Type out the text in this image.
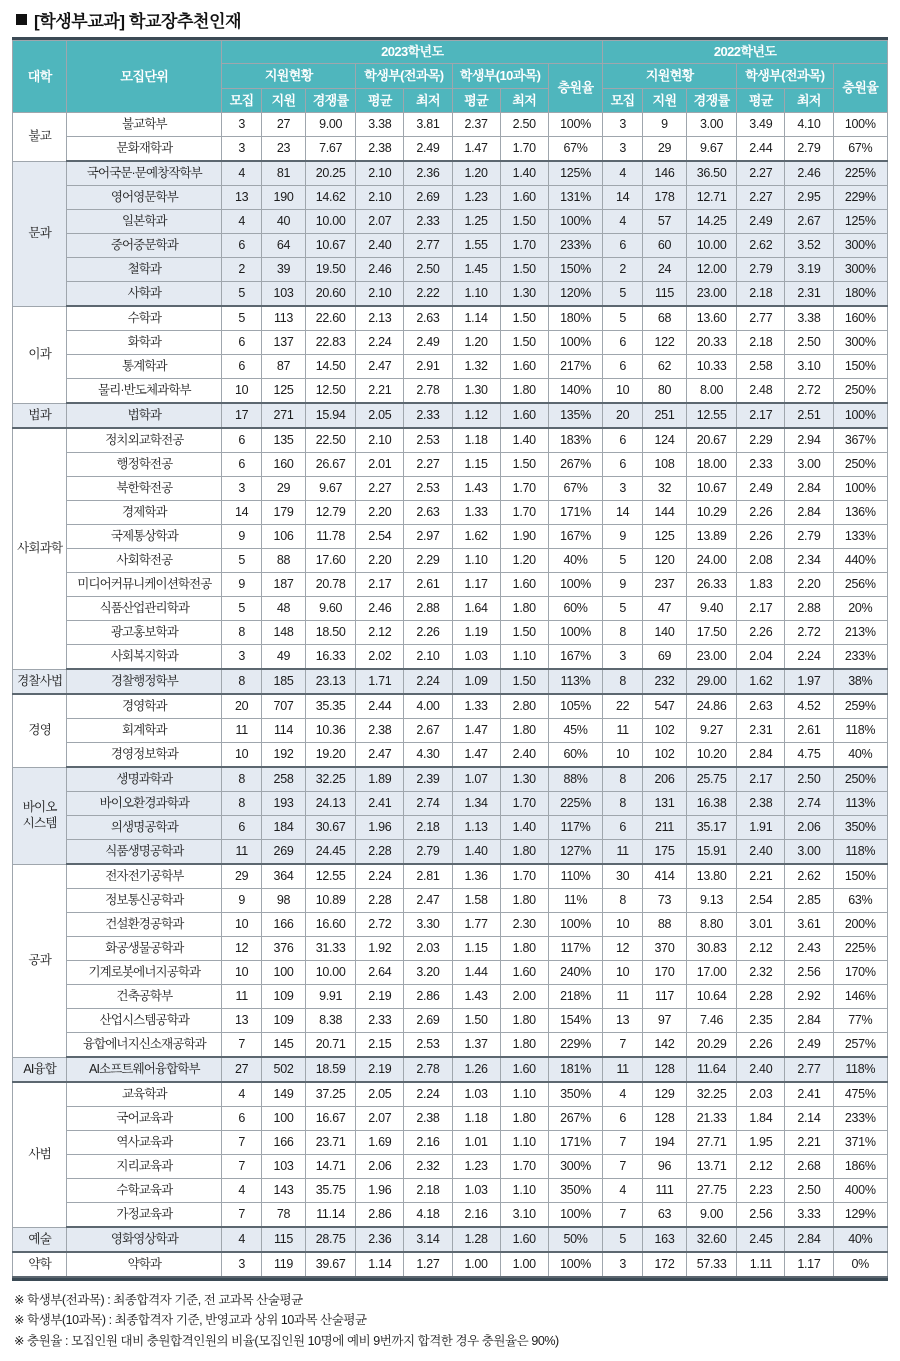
[학생부교과] 학교장추천인재
대학	모집단위	2023학년도								2022학년도					
		지원현황			학생부(전과목)		학생부(10과목)		충원율	지원현황			학생부(전과목)		충원율
		모집	지원	경쟁률	평균	최저	평균	최저		모집	지원	경쟁률	평균	최저	
불교	불교학부	3	27	9.00	3.38	3.81	2.37	2.50	100%	3	9	3.00	3.49	4.10	100%
	문화재학과	3	23	7.67	2.38	2.49	1.47	1.70	67%	3	29	9.67	2.44	2.79	67%
문과	국어국문·문예창작학부	4	81	20.25	2.10	2.36	1.20	1.40	125%	4	146	36.50	2.27	2.46	225%
	영어영문학부	13	190	14.62	2.10	2.69	1.23	1.60	131%	14	178	12.71	2.27	2.95	229%
	일본학과	4	40	10.00	2.07	2.33	1.25	1.50	100%	4	57	14.25	2.49	2.67	125%
	중어중문학과	6	64	10.67	2.40	2.77	1.55	1.70	233%	6	60	10.00	2.62	3.52	300%
	철학과	2	39	19.50	2.46	2.50	1.45	1.50	150%	2	24	12.00	2.79	3.19	300%
	사학과	5	103	20.60	2.10	2.22	1.10	1.30	120%	5	115	23.00	2.18	2.31	180%
이과	수학과	5	113	22.60	2.13	2.63	1.14	1.50	180%	5	68	13.60	2.77	3.38	160%
	화학과	6	137	22.83	2.24	2.49	1.20	1.50	100%	6	122	20.33	2.18	2.50	300%
	통계학과	6	87	14.50	2.47	2.91	1.32	1.60	217%	6	62	10.33	2.58	3.10	150%
	물리·반도체과학부	10	125	12.50	2.21	2.78	1.30	1.80	140%	10	80	8.00	2.48	2.72	250%
법과	법학과	17	271	15.94	2.05	2.33	1.12	1.60	135%	20	251	12.55	2.17	2.51	100%
사회과학	정치외교학전공	6	135	22.50	2.10	2.53	1.18	1.40	183%	6	124	20.67	2.29	2.94	367%
	행정학전공	6	160	26.67	2.01	2.27	1.15	1.50	267%	6	108	18.00	2.33	3.00	250%
	북한학전공	3	29	9.67	2.27	2.53	1.43	1.70	67%	3	32	10.67	2.49	2.84	100%
	경제학과	14	179	12.79	2.20	2.63	1.33	1.70	171%	14	144	10.29	2.26	2.84	136%
	국제통상학과	9	106	11.78	2.54	2.97	1.62	1.90	167%	9	125	13.89	2.26	2.79	133%
	사회학전공	5	88	17.60	2.20	2.29	1.10	1.20	40%	5	120	24.00	2.08	2.34	440%
	미디어커뮤니케이션학전공	9	187	20.78	2.17	2.61	1.17	1.60	100%	9	237	26.33	1.83	2.20	256%
	식품산업관리학과	5	48	9.60	2.46	2.88	1.64	1.80	60%	5	47	9.40	2.17	2.88	20%
	광고홍보학과	8	148	18.50	2.12	2.26	1.19	1.50	100%	8	140	17.50	2.26	2.72	213%
	사회복지학과	3	49	16.33	2.02	2.10	1.03	1.10	167%	3	69	23.00	2.04	2.24	233%
경찰사법	경찰행정학부	8	185	23.13	1.71	2.24	1.09	1.50	113%	8	232	29.00	1.62	1.97	38%
경영	경영학과	20	707	35.35	2.44	4.00	1.33	2.80	105%	22	547	24.86	2.63	4.52	259%
	회계학과	11	114	10.36	2.38	2.67	1.47	1.80	45%	11	102	9.27	2.31	2.61	118%
	경영정보학과	10	192	19.20	2.47	4.30	1.47	2.40	60%	10	102	10.20	2.84	4.75	40%

바이오
시스템	생명과학과	8	258	32.25	1.89	2.39	1.07	1.30	88%	8	206	25.75	2.17	2.50	250%
	바이오환경과학과	8	193	24.13	2.41	2.74	1.34	1.70	225%	8	131	16.38	2.38	2.74	113%
	의생명공학과	6	184	30.67	1.96	2.18	1.13	1.40	117%	6	211	35.17	1.91	2.06	350%
	식품생명공학과	11	269	24.45	2.28	2.79	1.40	1.80	127%	11	175	15.91	2.40	3.00	118%
공과	전자전기공학부	29	364	12.55	2.24	2.81	1.36	1.70	110%	30	414	13.80	2.21	2.62	150%
	정보통신공학과	9	98	10.89	2.28	2.47	1.58	1.80	11%	8	73	9.13	2.54	2.85	63%
	건설환경공학과	10	166	16.60	2.72	3.30	1.77	2.30	100%	10	88	8.80	3.01	3.61	200%
	화공생물공학과	12	376	31.33	1.92	2.03	1.15	1.80	117%	12	370	30.83	2.12	2.43	225%
	기계로봇에너지공학과	10	100	10.00	2.64	3.20	1.44	1.60	240%	10	170	17.00	2.32	2.56	170%
	건축공학부	11	109	9.91	2.19	2.86	1.43	2.00	218%	11	117	10.64	2.28	2.92	146%
	산업시스템공학과	13	109	8.38	2.33	2.69	1.50	1.80	154%	13	97	7.46	2.35	2.84	77%
	융합에너지신소재공학과	7	145	20.71	2.15	2.53	1.37	1.80	229%	7	142	20.29	2.26	2.49	257%
AI융합	AI소프트웨어융합학부	27	502	18.59	2.19	2.78	1.26	1.60	181%	11	128	11.64	2.40	2.77	118%
사범	교육학과	4	149	37.25	2.05	2.24	1.03	1.10	350%	4	129	32.25	2.03	2.41	475%
	국어교육과	6	100	16.67	2.07	2.38	1.18	1.80	267%	6	128	21.33	1.84	2.14	233%
	역사교육과	7	166	23.71	1.69	2.16	1.01	1.10	171%	7	194	27.71	1.95	2.21	371%
	지리교육과	7	103	14.71	2.06	2.32	1.23	1.70	300%	7	96	13.71	2.12	2.68	186%
	수학교육과	4	143	35.75	1.96	2.18	1.03	1.10	350%	4	111	27.75	2.23	2.50	400%
	가정교육과	7	78	11.14	2.86	4.18	2.16	3.10	100%	7	63	9.00	2.56	3.33	129%
예술	영화영상학과	4	115	28.75	2.36	3.14	1.28	1.60	50%	5	163	32.60	2.45	2.84	40%
약학	약학과	3	119	39.67	1.14	1.27	1.00	1.00	100%	3	172	57.33	1.11	1.17	0%
※ 학생부(전과목) : 최종합격자 기준, 전 교과목 산술평균
※ 학생부(10과목) : 최종합격자 기준, 반영교과 상위 10과목 산술평균
※ 충원율 : 모집인원 대비 충원합격인원의 비율(모집인원 10명에 예비 9번까지 합격한 경우 충원율은 90%)
